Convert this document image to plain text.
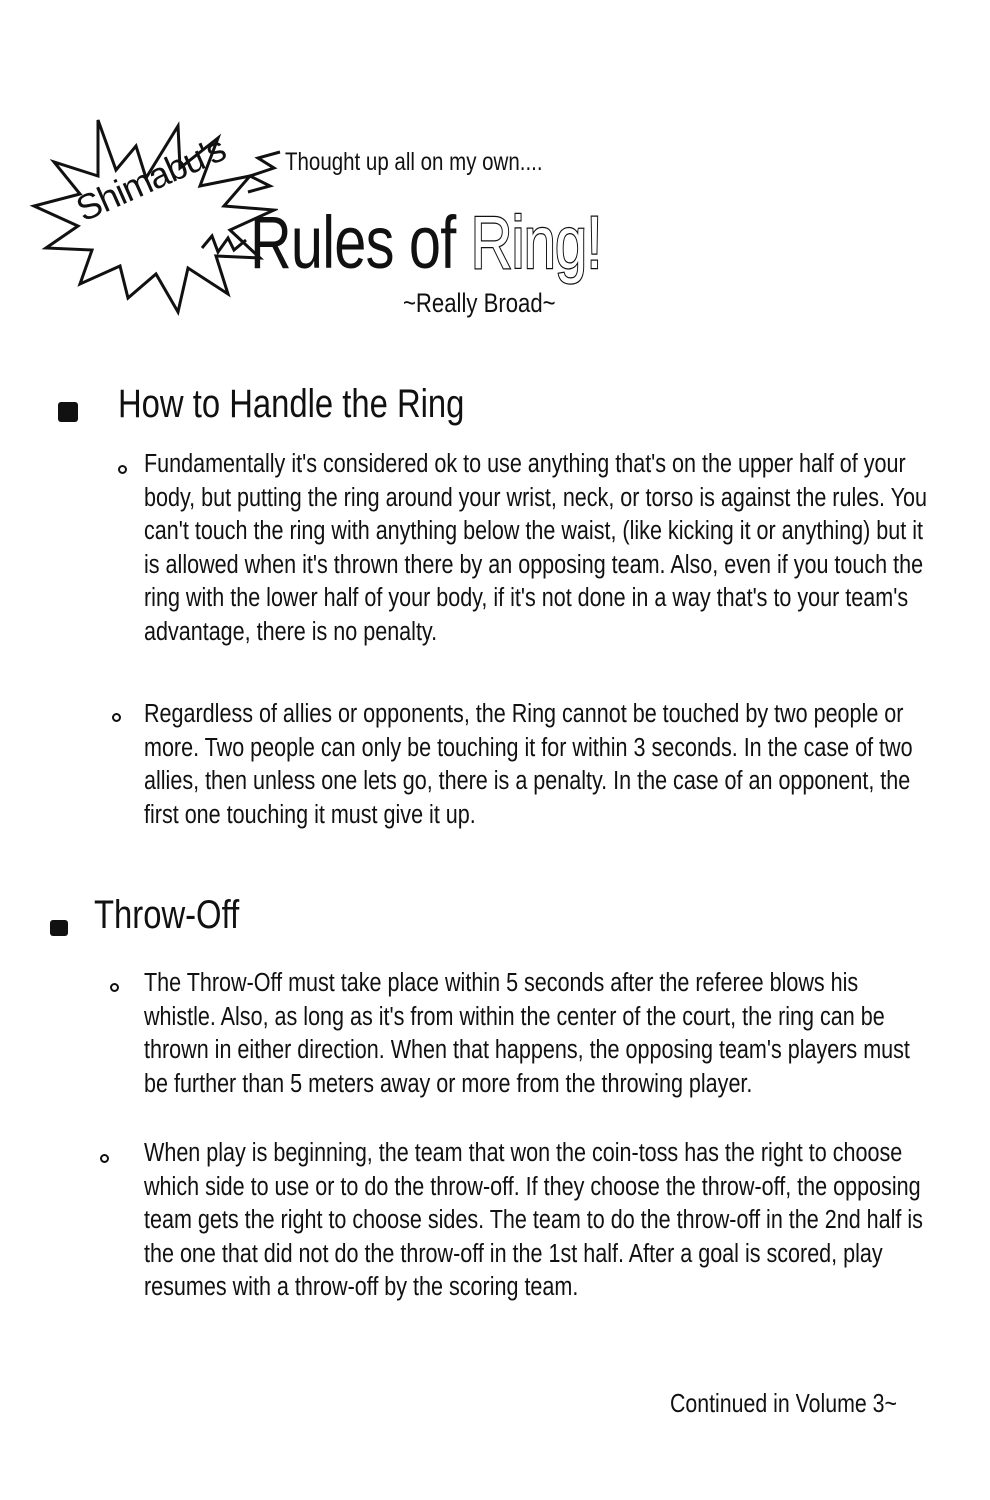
Shimabu's Thought up all on my own....
Rules of Ring!
~Really Broad~
How to Handle the Ring

Fundamentally it's considered ok to use anything that's on the upper half of your body, but putting the ring around your wrist, neck, or torso is against the rules. You can't touch the ring with anything below the waist, (like kicking it or anything) but it is allowed when it's thrown there by an opposing team. Also, even if you touch the ring with the lower half of your body, if it's not done in a way that's to your team's advantage, there is no penalty.

Regardless of allies or opponents, the Ring cannot be touched by two people or more. Two people can only be touching it for within 3 seconds. In the case of two allies, then unless one lets go, there is a penalty. In the case of an opponent, the first one touching it must give it up.

Throw-Off

The Throw-Off must take place within 5 seconds after the referee blows his whistle. Also, as long as it's from within the center of the court, the ring can be thrown in either direction. When that happens, the opposing team's players must be further than 5 meters away or more from the throwing player.

When play is beginning, the team that won the coin-toss has the right to choose which side to use or to do the throw-off. If they choose the throw-off, the opposing team gets the right to choose sides. The team to do the throw-off in the 2nd half is the one that did not do the throw-off in the 1st half. After a goal is scored, play resumes with a throw-off by the scoring team.

Continued in Volume 3~
